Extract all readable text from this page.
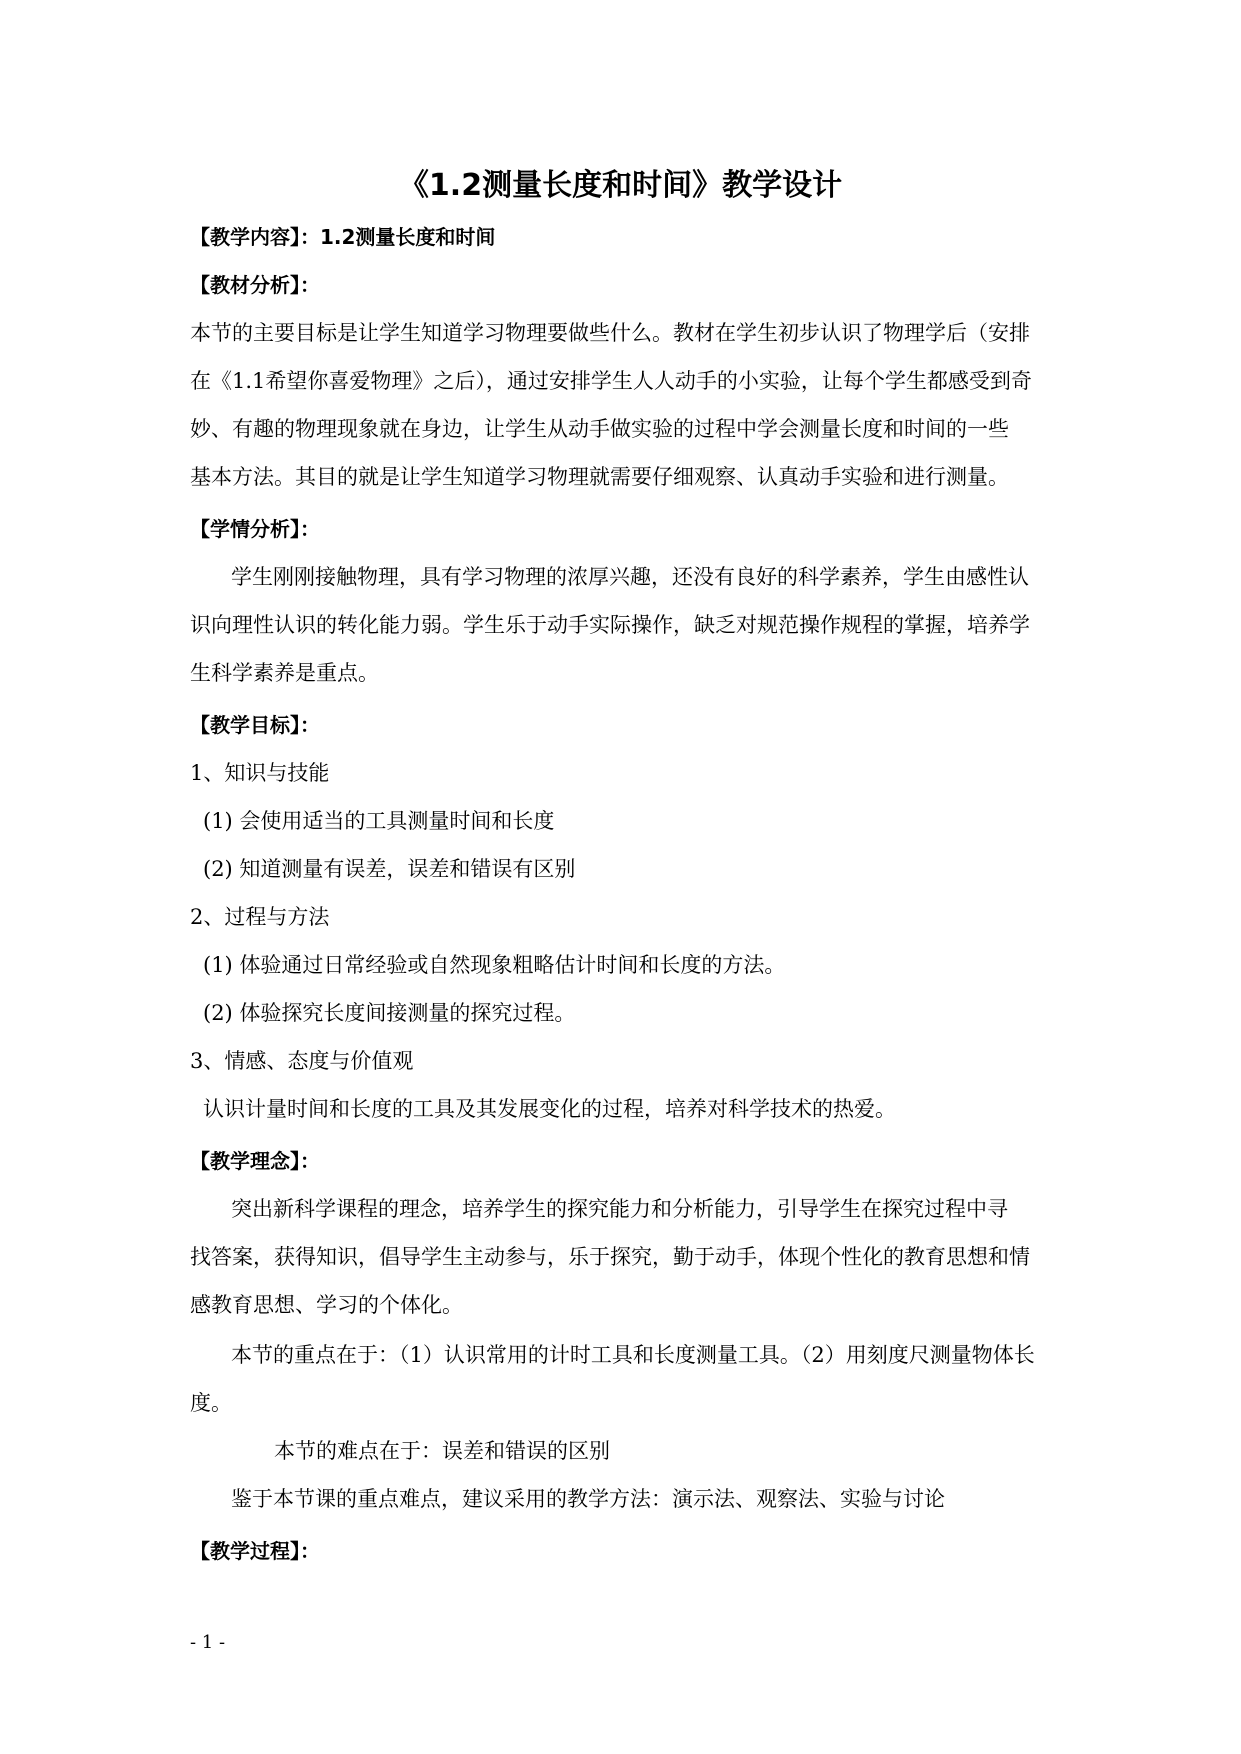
《1.2测量长度和时间》教学设计
【教学内容】：1.2测量长度和时间
【教材分析】：
本节的主要目标是让学生知道学习物理要做些什么。教材在学生初步认识了物理学后（安排
在《1.1希望你喜爱物理》之后），通过安排学生人人动手的小实验，让每个学生都感受到奇
妙、有趣的物理现象就在身边，让学生从动手做实验的过程中学会测量长度和时间的一些
基本方法。其目的就是让学生知道学习物理就需要仔细观察、认真动手实验和进行测量。
【学情分析】：
学生刚刚接触物理，具有学习物理的浓厚兴趣，还没有良好的科学素养，学生由感性认
识向理性认识的转化能力弱。学生乐于动手实际操作，缺乏对规范操作规程的掌握，培养学
生科学素养是重点。
【教学目标】：
1、知识与技能
(1) 会使用适当的工具测量时间和长度
(2) 知道测量有误差，误差和错误有区别
2、过程与方法
(1) 体验通过日常经验或自然现象粗略估计时间和长度的方法。
(2) 体验探究长度间接测量的探究过程。
3、情感、态度与价值观
认识计量时间和长度的工具及其发展变化的过程，培养对科学技术的热爱。
【教学理念】：
突出新科学课程的理念，培养学生的探究能力和分析能力，引导学生在探究过程中寻
找答案，获得知识，倡导学生主动参与，乐于探究，勤于动手，体现个性化的教育思想和情
感教育思想、学习的个体化。
本节的重点在于：（1）认识常用的计时工具和长度测量工具。（2）用刻度尺测量物体长
度。
本节的难点在于：误差和错误的区别
鉴于本节课的重点难点，建议采用的教学方法：演示法、观察法、实验与讨论
【教学过程】：
- 1 -
